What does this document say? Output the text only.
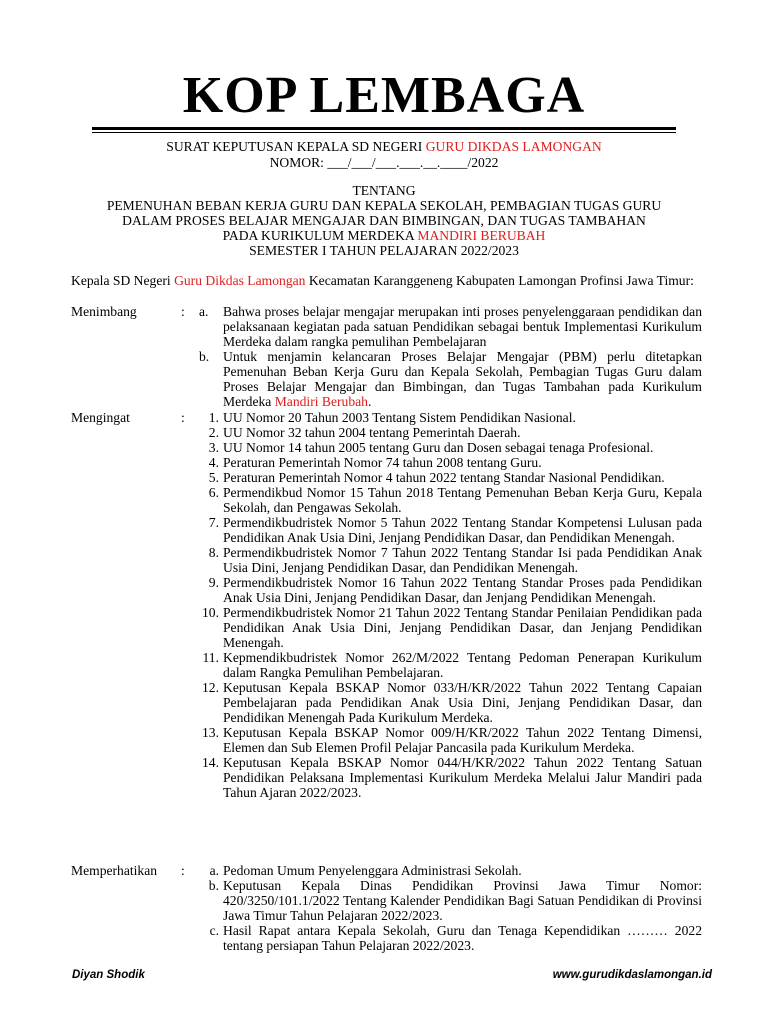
KOP LEMBAGA
SURAT KEPUTUSAN KEPALA SD NEGERI GURU DIKDAS LAMONGAN
NOMOR: ___/___/___.___.__.____/2022
TENTANG
PEMENUHAN BEBAN KERJA GURU DAN KEPALA SEKOLAH, PEMBAGIAN TUGAS GURU
DALAM PROSES BELAJAR MENGAJAR DAN BIMBINGAN, DAN TUGAS TAMBAHAN
PADA KURIKULUM MERDEKA MANDIRI BERUBAH
SEMESTER I TAHUN PELAJARAN 2022/2023
Kepala SD Negeri Guru Dikdas Lamongan Kecamatan Karanggeneng Kabupaten Lamongan Profinsi Jawa Timur:
Menimbang	: a. Bahwa proses belajar mengajar merupakan inti proses penyelenggaraan pendidikan dan pelaksanaan kegiatan pada satuan Pendidikan sebagai bentuk Implementasi Kurikulum Merdeka dalam rangka pemulihan Pembelajaran
b. Untuk menjamin kelancaran Proses Belajar Mengajar (PBM) perlu ditetapkan Pemenuhan Beban Kerja Guru dan Kepala Sekolah, Pembagian Tugas Guru dalam Proses Belajar Mengajar dan Bimbingan, dan Tugas Tambahan pada Kurikulum Merdeka Mandiri Berubah.
Mengingat	:	1. UU Nomor 20 Tahun 2003 Tentang Sistem Pendidikan Nasional.
2. UU Nomor 32 tahun 2004 tentang Pemerintah Daerah.
3. UU Nomor 14 tahun 2005 tentang Guru dan Dosen sebagai tenaga Profesional.
4. Peraturan Pemerintah Nomor 74 tahun 2008 tentang Guru.
5. Peraturan Pemerintah Nomor 4 tahun 2022 tentang Standar Nasional Pendidikan.
6. Permendikbud Nomor 15 Tahun 2018 Tentang Pemenuhan Beban Kerja Guru, Kepala Sekolah, dan Pengawas Sekolah.
7. Permendikbudristek Nomor 5 Tahun 2022 Tentang Standar Kompetensi Lulusan pada Pendidikan Anak Usia Dini, Jenjang Pendidikan Dasar, dan Pendidikan Menengah.
8. Permendikbudristek Nomor 7 Tahun 2022 Tentang Standar Isi pada Pendidikan Anak Usia Dini, Jenjang Pendidikan Dasar, dan Pendidikan Menengah.
9. Permendikbudristek Nomor 16 Tahun 2022 Tentang Standar Proses pada Pendidikan Anak Usia Dini, Jenjang Pendidikan Dasar, dan Jenjang Pendidikan Menengah.
10. Permendikbudristek Nomor 21 Tahun 2022 Tentang Standar Penilaian Pendidikan pada Pendidikan Anak Usia Dini, Jenjang Pendidikan Dasar, dan Jenjang Pendidikan Menengah.
11. Kepmendikbudristek Nomor 262/M/2022 Tentang Pedoman Penerapan Kurikulum dalam Rangka Pemulihan Pembelajaran.
12. Keputusan Kepala BSKAP Nomor 033/H/KR/2022 Tahun 2022 Tentang Capaian Pembelajaran pada Pendidikan Anak Usia Dini, Jenjang Pendidikan Dasar, dan Pendidikan Menengah Pada Kurikulum Merdeka.
13. Keputusan Kepala BSKAP Nomor 009/H/KR/2022 Tahun 2022 Tentang Dimensi, Elemen dan Sub Elemen Profil Pelajar Pancasila pada Kurikulum Merdeka.
14. Keputusan Kepala BSKAP Nomor 044/H/KR/2022 Tahun 2022 Tentang Satuan Pendidikan Pelaksana Implementasi Kurikulum Merdeka Melalui Jalur Mandiri pada Tahun Ajaran 2022/2023.
Memperhatikan :	a. Pedoman Umum Penyelenggara Administrasi Sekolah.
b. Keputusan Kepala Dinas Pendidikan Provinsi Jawa Timur Nomor: 420/3250/101.1/2022 Tentang Kalender Pendidikan Bagi Satuan Pendidikan di Provinsi Jawa Timur Tahun Pelajaran 2022/2023.
c. Hasil Rapat antara Kepala Sekolah, Guru dan Tenaga Kependidikan ……… 2022 tentang persiapan Tahun Pelajaran 2022/2023.
Diyan Shodik	www.gurudikdaslamongan.id
